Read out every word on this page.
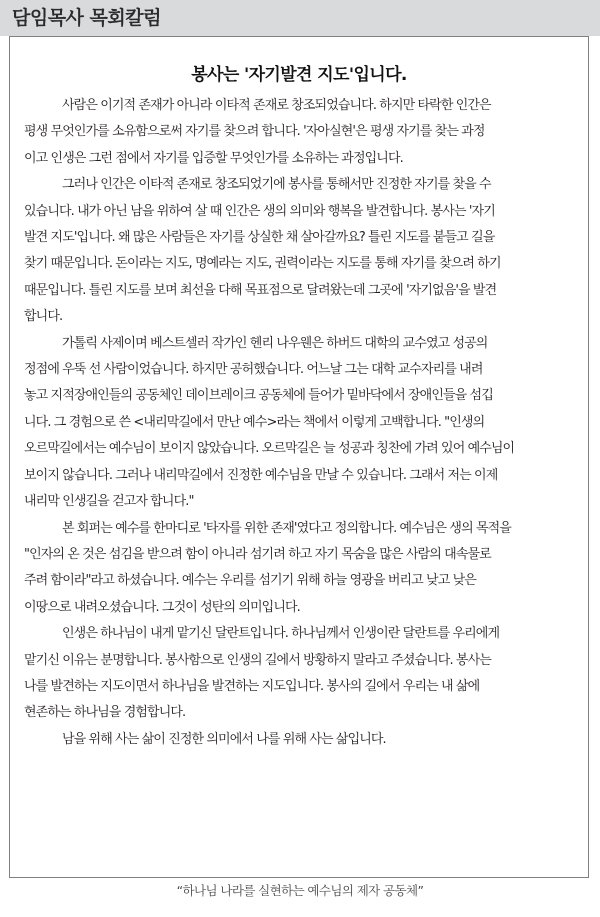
담임목사 목회칼럼
봉사는 '자기발견 지도'입니다.

사람은 이기적 존재가 아니라 이타적 존재로 창조되었습니다. 하지만 타락한 인간은
평생 무엇인가를 소유함으로써 자기를 찾으려 합니다. '자아실현'은 평생 자기를 찾는 과정
이고 인생은 그런 점에서 자기를 입증할 무엇인가를 소유하는 과정입니다.

그러나 인간은 이타적 존재로 창조되었기에 봉사를 통해서만 진정한 자기를 찾을 수
있습니다. 내가 아닌 남을 위하여 살 때 인간은 생의 의미와 행복을 발견합니다. 봉사는 '자기
발견 지도'입니다. 왜 많은 사람들은 자기를 상실한 채 살아갈까요? 틀린 지도를 붙들고 길을
찾기 때문입니다. 돈이라는 지도, 명예라는 지도, 권력이라는 지도를 통해 자기를 찾으려 하기
때문입니다. 틀린 지도를 보며 최선을 다해 목표점으로 달려왔는데 그곳에 '자기없음'을 발견
합니다.

가톨릭 사제이며 베스트셀러 작가인 헨리 나우웬은 하버드 대학의 교수였고 성공의
정점에 우뚝 선 사람이었습니다. 하지만 공허했습니다. 어느날 그는 대학 교수자리를 내려
놓고 지적장애인들의 공동체인 데이브레이크 공동체에 들어가 밑바닥에서 장애인들을 섬깁
니다. 그 경험으로 쓴 <내리막길에서 만난 예수>라는 책에서 이렇게 고백합니다. "인생의
오르막길에서는 예수님이 보이지 않았습니다. 오르막길은 늘 성공과 칭찬에 가려 있어 예수님이
보이지 않습니다. 그러나 내리막길에서 진정한 예수님을 만날 수 있습니다. 그래서 저는 이제
내리막 인생길을 걷고자 합니다."

본 회퍼는 예수를 한마디로 '타자를 위한 존재'였다고 정의합니다. 예수님은 생의 목적을
"인자의 온 것은 섬김을 받으려 함이 아니라 섬기려 하고 자기 목숨을 많은 사람의 대속물로
주려 함이라"라고 하셨습니다. 예수는 우리를 섬기기 위해 하늘 영광을 버리고 낮고 낮은
이땅으로 내려오셨습니다. 그것이 성탄의 의미입니다.

인생은 하나님이 내게 맡기신 달란트입니다. 하나님께서 인생이란 달란트를 우리에게
맡기신 이유는 분명합니다. 봉사함으로 인생의 길에서 방황하지 말라고 주셨습니다. 봉사는
나를 발견하는 지도이면서 하나님을 발견하는 지도입니다. 봉사의 길에서 우리는 내 삶에
현존하는 하나님을 경험합니다.

남을 위해 사는 삶이 진정한 의미에서 나를 위해 사는 삶입니다.

“하나님 나라를 실현하는 예수님의 제자 공동체”
